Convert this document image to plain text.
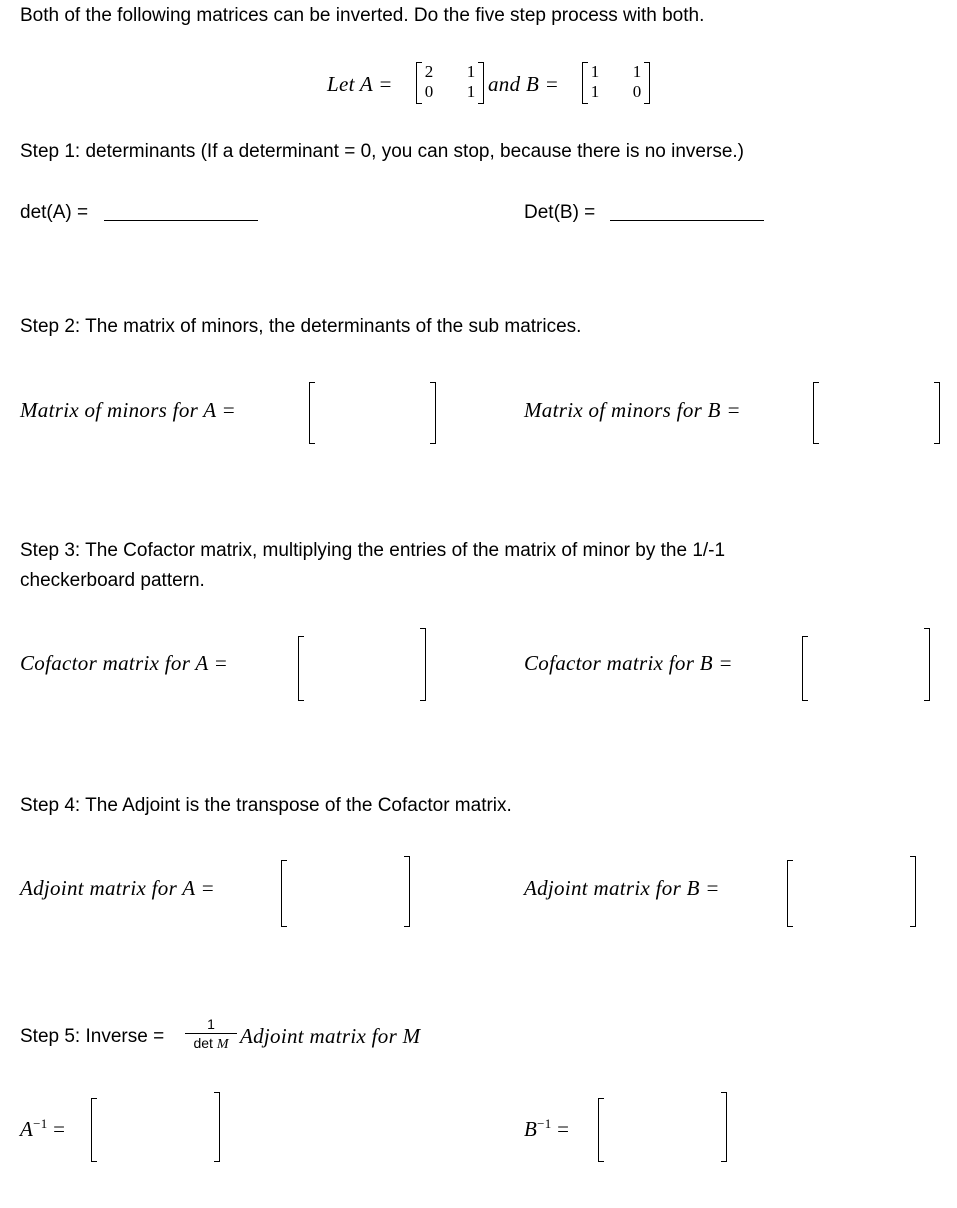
Both of the following matrices can be inverted. Do the five step process with both.
Let A =
2 1
0 1 and B =
1 1
1 0
Step 1: determinants (If a determinant = 0, you can stop, because there is no inverse.)
det(A) =	Det(B) =
Step 2: The matrix of minors, the determinants of the sub matrices.
Matrix of minors for A =	Matrix of minors for B =
Step 3: The Cofactor matrix, multiplying the entries of the matrix of minor by the 1/-1
checkerboard pattern.
Cofactor matrix for A =	Cofactor matrix for B =
Step 4: The Adjoint is the transpose of the Cofactor matrix.
Adjoint matrix for A =	Adjoint matrix for B =
Step 5: Inverse =
1
det M Adjoint matrix for M
$A^{-1}$ =	$B^{-1}$ =
